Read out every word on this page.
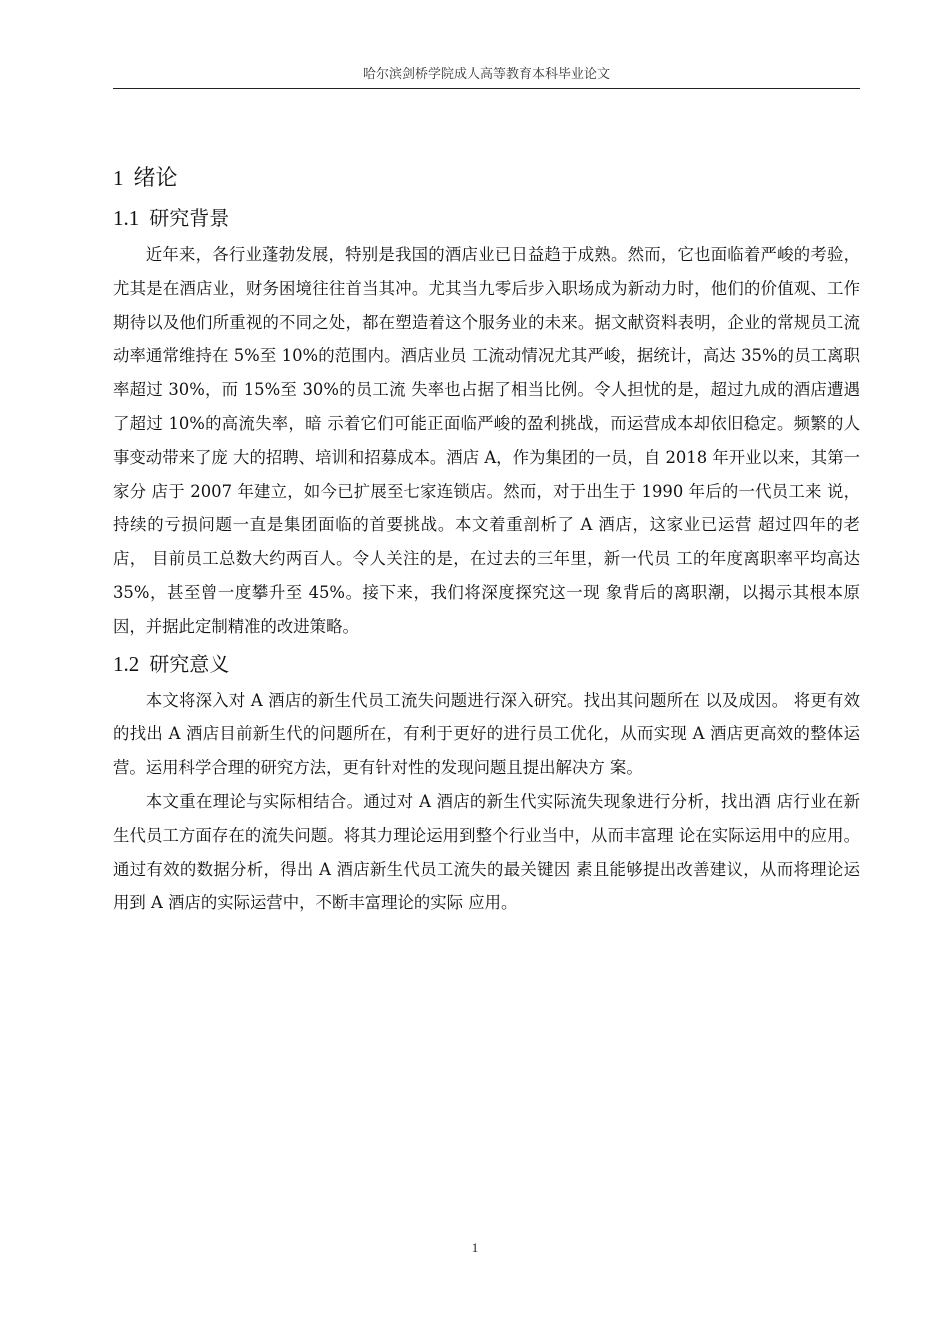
哈尔滨剑桥学院成人高等教育本科毕业论文
1 绪论
1.1 研究背景

近年来，各行业蓬勃发展，特别是我国的酒店业已日益趋于成熟。然而，它也面临着严峻的考验，尤其是在酒店业，财务困境往往首当其冲。尤其当九零后步入职场成为新动力时，他们的价值观、工作期待以及他们所重视的不同之处，都在塑造着这个服务业的未来。据文献资料表明，企业的常规员工流动率通常维持在 5%至 10%的范围内。酒店业员 工流动情况尤其严峻，据统计，高达 35%的员工离职率超过 30%，而 15%至 30%的员工流 失率也占据了相当比例。令人担忧的是，超过九成的酒店遭遇了超过 10%的高流失率，暗 示着它们可能正面临严峻的盈利挑战，而运营成本却依旧稳定。频繁的人事变动带来了庞 大的招聘、培训和招募成本。酒店 A，作为集团的一员，自 2018 年开业以来，其第一家分 店于 2007 年建立，如今已扩展至七家连锁店。然而，对于出生于 1990 年后的一代员工来 说，持续的亏损问题一直是集团面临的首要挑战。本文着重剖析了 A 酒店，这家业已运营 超过四年的老店， 目前员工总数大约两百人。令人关注的是，在过去的三年里，新一代员 工的年度离职率平均高达 35%，甚至曾一度攀升至 45%。接下来，我们将深度探究这一现 象背后的离职潮，以揭示其根本原因，并据此定制精准的改进策略。

1.2 研究意义

本文将深入对 A 酒店的新生代员工流失问题进行深入研究。找出其问题所在 以及成因。 将更有效的找出 A 酒店目前新生代的问题所在，有利于更好的进行员工优化，从而实现 A 酒店更高效的整体运营。运用科学合理的研究方法，更有针对性的发现问题且提出解决方 案。

本文重在理论与实际相结合。通过对 A 酒店的新生代实际流失现象进行分析，找出酒 店行业在新生代员工方面存在的流失问题。将其力理论运用到整个行业当中，从而丰富理 论在实际运用中的应用。通过有效的数据分析，得出 A 酒店新生代员工流失的最关键因 素且能够提出改善建议，从而将理论运用到 A 酒店的实际运营中，不断丰富理论的实际 应用。

1
